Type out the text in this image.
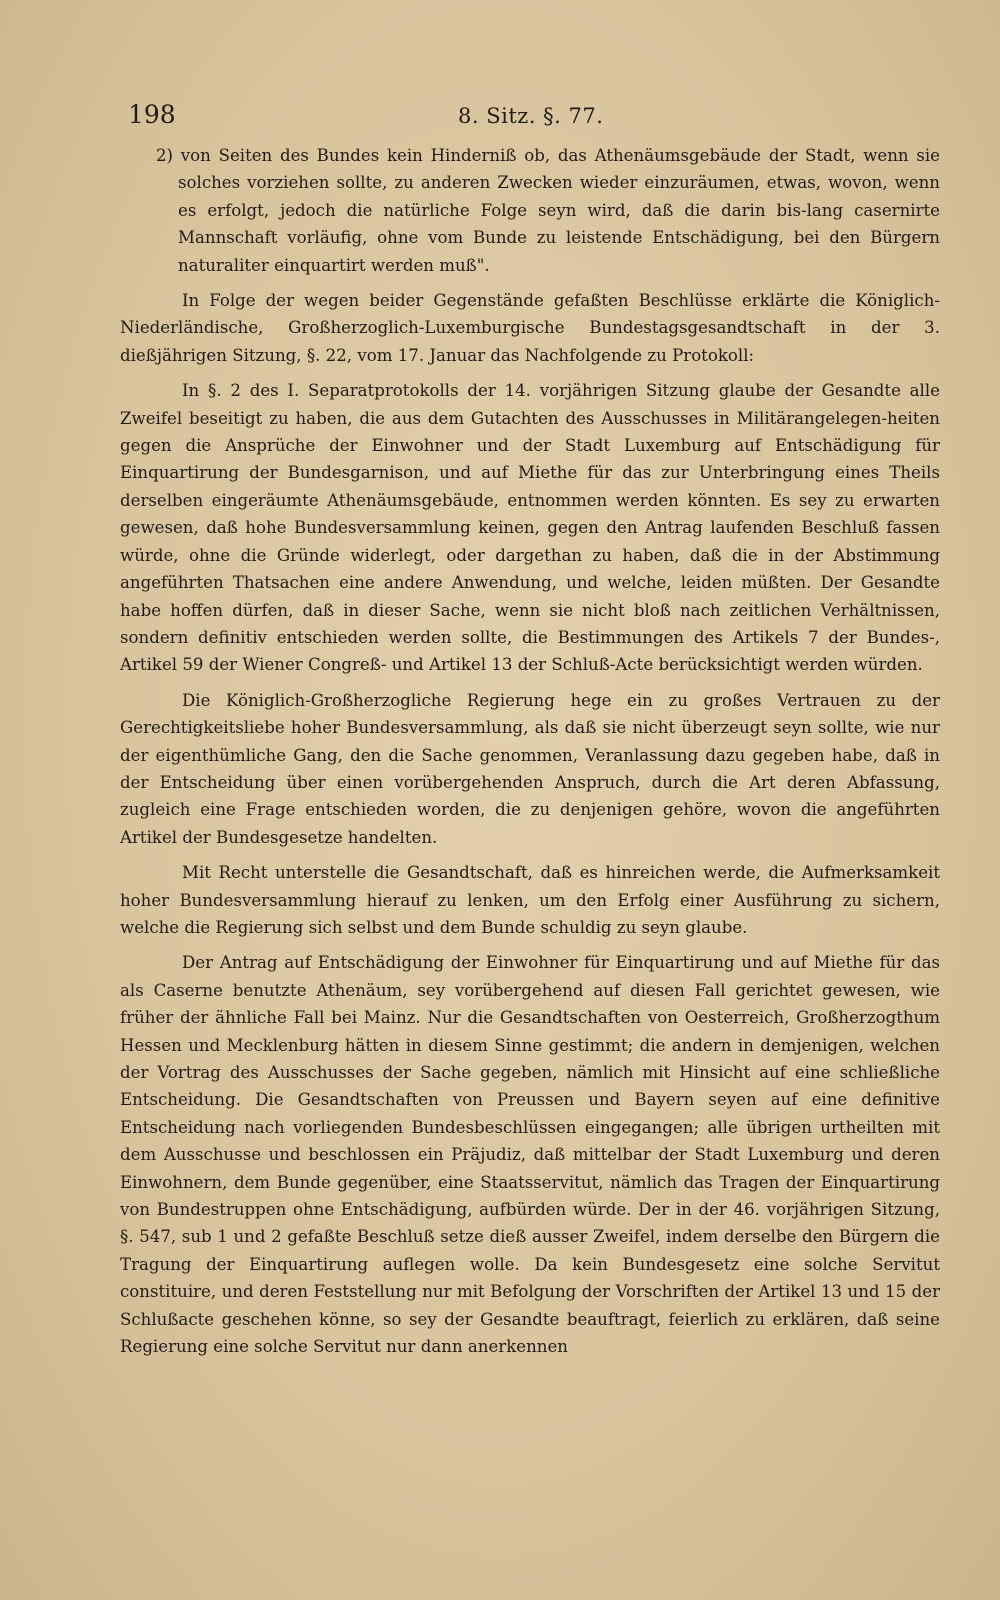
198	8. Sitz. §. 77.

2) von Seiten des Bundes kein Hinderniß ob, das Athenäumsgebäude der Stadt, wenn sie solches vorziehen sollte, zu anderen Zwecken wieder einzuräumen, etwas, wovon, wenn es erfolgt, jedoch die natürliche Folge seyn wird, daß die darin bis-lang casernirte Mannschaft vorläufig, ohne vom Bunde zu leistende Entschädigung, bei den Bürgern naturaliter einquartirt werden muß".

In Folge der wegen beider Gegenstände gefaßten Beschlüsse erklärte die Königlich-Niederländische, Großherzoglich-Luxemburgische Bundestagsgesandtschaft in der 3. dießjährigen Sitzung, §. 22, vom 17. Januar das Nachfolgende zu Protokoll:

In §. 2 des I. Separatprotokolls der 14. vorjährigen Sitzung glaube der Gesandte alle Zweifel beseitigt zu haben, die aus dem Gutachten des Ausschusses in Militärangelegen-heiten gegen die Ansprüche der Einwohner und der Stadt Luxemburg auf Entschädigung für Einquartirung der Bundesgarnison, und auf Miethe für das zur Unterbringung eines Theils derselben eingeräumte Athenäumsgebäude, entnommen werden könnten. Es sey zu erwarten gewesen, daß hohe Bundesversammlung keinen, gegen den Antrag laufenden Beschluß fassen würde, ohne die Gründe widerlegt, oder dargethan zu haben, daß die in der Abstimmung angeführten Thatsachen eine andere Anwendung, und welche, leiden müßten. Der Gesandte habe hoffen dürfen, daß in dieser Sache, wenn sie nicht bloß nach zeitlichen Verhältnissen, sondern definitiv entschieden werden sollte, die Bestimmungen des Artikels 7 der Bundes-, Artikel 59 der Wiener Congreß- und Artikel 13 der Schluß-Acte berücksichtigt werden würden.

Die Königlich-Großherzogliche Regierung hege ein zu großes Vertrauen zu der Gerechtigkeitsliebe hoher Bundesversammlung, als daß sie nicht überzeugt seyn sollte, wie nur der eigenthümliche Gang, den die Sache genommen, Veranlassung dazu gegeben habe, daß in der Entscheidung über einen vorübergehenden Anspruch, durch die Art deren Abfassung, zugleich eine Frage entschieden worden, die zu denjenigen gehöre, wovon die angeführten Artikel der Bundesgesetze handelten.

Mit Recht unterstelle die Gesandtschaft, daß es hinreichen werde, die Aufmerksamkeit hoher Bundesversammlung hierauf zu lenken, um den Erfolg einer Ausführung zu sichern, welche die Regierung sich selbst und dem Bunde schuldig zu seyn glaube.

Der Antrag auf Entschädigung der Einwohner für Einquartirung und auf Miethe für das als Caserne benutzte Athenäum, sey vorübergehend auf diesen Fall gerichtet gewesen, wie früher der ähnliche Fall bei Mainz. Nur die Gesandtschaften von Oesterreich, Großherzogthum Hessen und Mecklenburg hätten in diesem Sinne gestimmt; die andern in demjenigen, welchen der Vortrag des Ausschusses der Sache gegeben, nämlich mit Hinsicht auf eine schließliche Entscheidung. Die Gesandtschaften von Preussen und Bayern seyen auf eine definitive Entscheidung nach vorliegenden Bundesbeschlüssen eingegangen; alle übrigen urtheilten mit dem Ausschusse und beschlossen ein Präjudiz, daß mittelbar der Stadt Luxemburg und deren Einwohnern, dem Bunde gegenüber, eine Staatsservitut, nämlich das Tragen der Einquartirung von Bundestruppen ohne Entschädigung, aufbürden würde. Der in der 46. vorjährigen Sitzung, §. 547, sub 1 und 2 gefaßte Beschluß setze dieß ausser Zweifel, indem derselbe den Bürgern die Tragung der Einquartirung auflegen wolle. Da kein Bundesgesetz eine solche Servitut constituire, und deren Feststellung nur mit Befolgung der Vorschriften der Artikel 13 und 15 der Schlußacte geschehen könne, so sey der Gesandte beauftragt, feierlich zu erklären, daß seine Regierung eine solche Servitut nur dann anerkennen
